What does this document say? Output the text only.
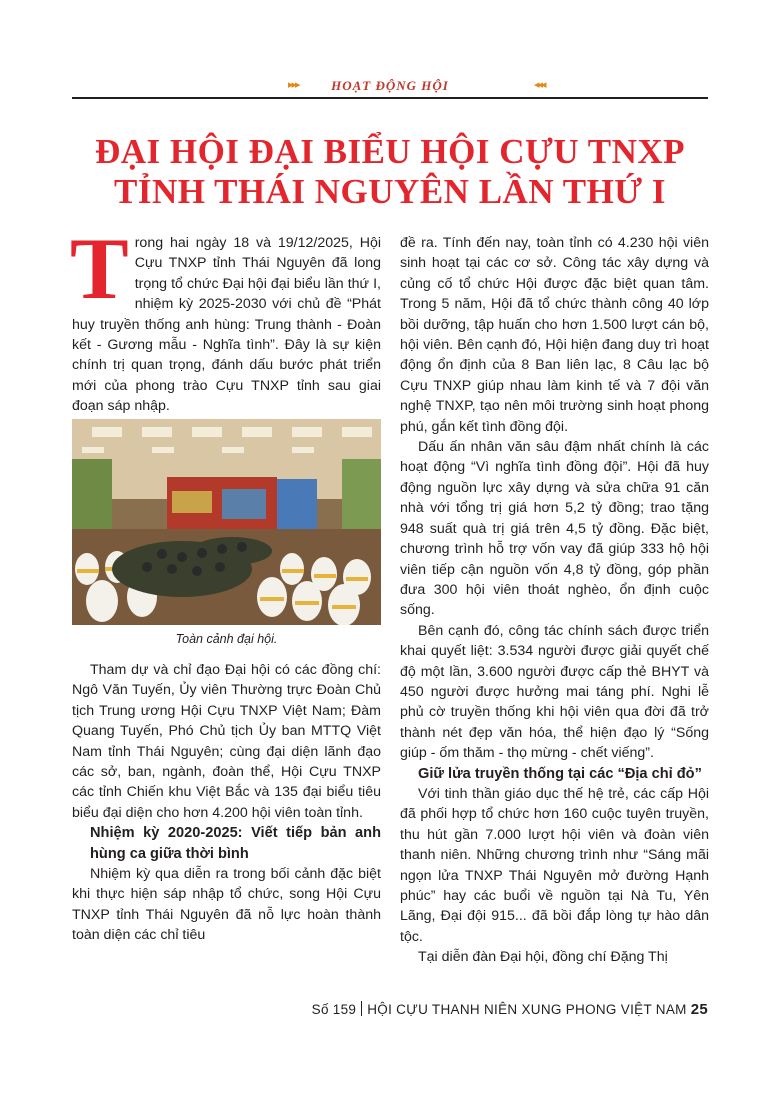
▸▸▸	HOẠT ĐỘNG HỘI	◂◂◂
ĐẠI HỘI ĐẠI BIỂU HỘI CỰU TNXP
TỈNH THÁI NGUYÊN LẦN THỨ I

Trong hai ngày 18 và 19/12/2025, Hội Cựu TNXP tỉnh Thái Nguyên đã long trọng tổ chức Đại hội đại biểu lần thứ I, nhiệm kỳ 2025-2030 với chủ đề “Phát huy truyền thống anh hùng: Trung thành - Đoàn kết - Gương mẫu - Nghĩa tình”. Đây là sự kiện chính trị quan trọng, đánh dấu bước phát triển mới của phong trào Cựu TNXP tỉnh sau giai đoạn sáp nhập.

Toàn cảnh đại hội.

Tham dự và chỉ đạo Đại hội có các đồng chí: Ngô Văn Tuyến, Ủy viên Thường trực Đoàn Chủ tịch Trung ương Hội Cựu TNXP Việt Nam; Đàm Quang Tuyến, Phó Chủ tịch Ủy ban MTTQ Việt Nam tỉnh Thái Nguyên; cùng đại diện lãnh đạo các sở, ban, ngành, đoàn thể, Hội Cựu TNXP các tỉnh Chiến khu Việt Bắc và 135 đại biểu tiêu biểu đại diện cho hơn 4.200 hội viên toàn tỉnh.

Nhiệm kỳ 2020-2025: Viết tiếp bản anh hùng ca giữa thời bình

Nhiệm kỳ qua diễn ra trong bối cảnh đặc biệt khi thực hiện sáp nhập tổ chức, song Hội Cựu TNXP tỉnh Thái Nguyên đã nỗ lực hoàn thành toàn diện các chỉ tiêu

đề ra. Tính đến nay, toàn tỉnh có 4.230 hội viên sinh hoạt tại các cơ sở. Công tác xây dựng và củng cố tổ chức Hội được đặc biệt quan tâm. Trong 5 năm, Hội đã tổ chức thành công 40 lớp bồi dưỡng, tập huấn cho hơn 1.500 lượt cán bộ, hội viên. Bên cạnh đó, Hội hiện đang duy trì hoạt động ổn định của 8 Ban liên lạc, 8 Câu lạc bộ Cựu TNXP giúp nhau làm kinh tế và 7 đội văn nghệ TNXP, tạo nên môi trường sinh hoạt phong phú, gắn kết tình đồng đội.

Dấu ấn nhân văn sâu đậm nhất chính là các hoạt động “Vì nghĩa tình đồng đội”. Hội đã huy động nguồn lực xây dựng và sửa chữa 91 căn nhà với tổng trị giá hơn 5,2 tỷ đồng; trao tặng 948 suất quà trị giá trên 4,5 tỷ đồng. Đặc biệt, chương trình hỗ trợ vốn vay đã giúp 333 hộ hội viên tiếp cận nguồn vốn 4,8 tỷ đồng, góp phần đưa 300 hội viên thoát nghèo, ổn định cuộc sống.

Bên cạnh đó, công tác chính sách được triển khai quyết liệt: 3.534 người được giải quyết chế độ một lần, 3.600 người được cấp thẻ BHYT và 450 người được hưởng mai táng phí. Nghi lễ phủ cờ truyền thống khi hội viên qua đời đã trở thành nét đẹp văn hóa, thể hiện đạo lý “Sống giúp - ốm thăm - thọ mừng - chết viếng”.

Giữ lửa truyền thống tại các “Địa chỉ đỏ”

Với tinh thần giáo dục thế hệ trẻ, các cấp Hội đã phối hợp tổ chức hơn 160 cuộc tuyên truyền, thu hút gần 7.000 lượt hội viên và đoàn viên thanh niên. Những chương trình như “Sáng mãi ngọn lửa TNXP Thái Nguyên mở đường Hạnh phúc” hay các buổi về nguồn tại Nà Tu, Yên Lãng, Đại đội 915... đã bồi đắp lòng tự hào dân tộc.

Tại diễn đàn Đại hội, đồng chí Đặng Thị

Số 159 HỘI CỰU THANH NIÊN XUNG PHONG VIỆT NAM 25
